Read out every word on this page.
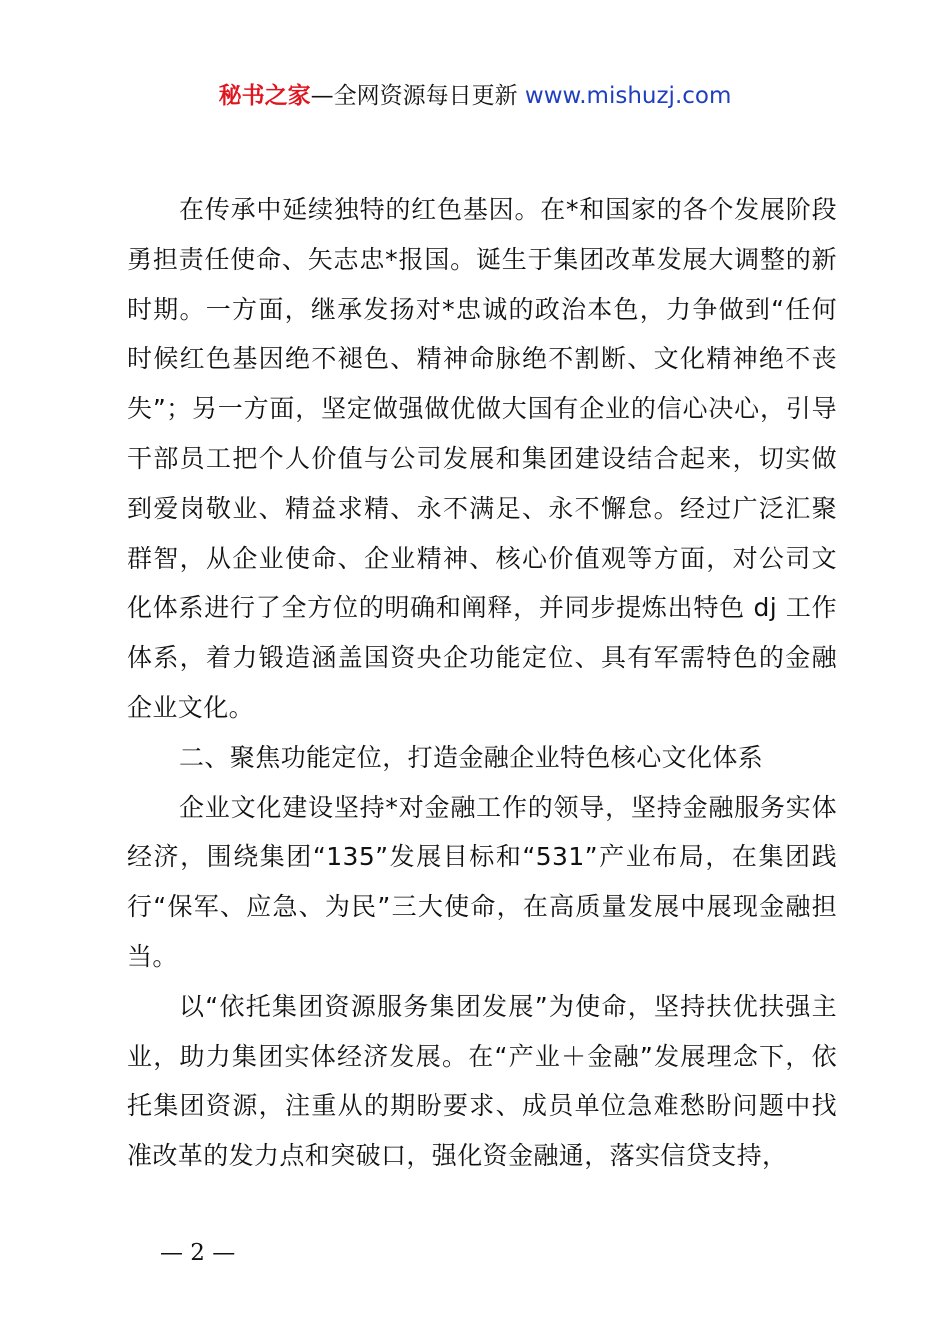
秘书之家—全网资源每日更新 www.mishuzj.com

在传承中延续独特的红色基因。在*和国家的各个发展阶段勇担责任使命、矢志忠*报国。诞生于集团改革发展大调整的新时期。一方面，继承发扬对*忠诚的政治本色，力争做到“任何时候红色基因绝不褪色、精神命脉绝不割断、文化精神绝不丧失”；另一方面，坚定做强做优做大国有企业的信心决心，引导干部员工把个人价值与公司发展和集团建设结合起来，切实做到爱岗敬业、精益求精、永不满足、永不懈怠。经过广泛汇聚群智，从企业使命、企业精神、核心价值观等方面，对公司文化体系进行了全方位的明确和阐释，并同步提炼出特色 dj 工作体系，着力锻造涵盖国资央企功能定位、具有军需特色的金融企业文化。

二、聚焦功能定位，打造金融企业特色核心文化体系

企业文化建设坚持*对金融工作的领导，坚持金融服务实体经济，围绕集团“135”发展目标和“531”产业布局，在集团践行“保军、应急、为民”三大使命，在高质量发展中展现金融担当。

以“依托集团资源服务集团发展”为使命，坚持扶优扶强主业，助力集团实体经济发展。在“产业＋金融”发展理念下，依托集团资源，注重从的期盼要求、成员单位急难愁盼问题中找准改革的发力点和突破口，强化资金融通，落实信贷支持，

— 2 —
